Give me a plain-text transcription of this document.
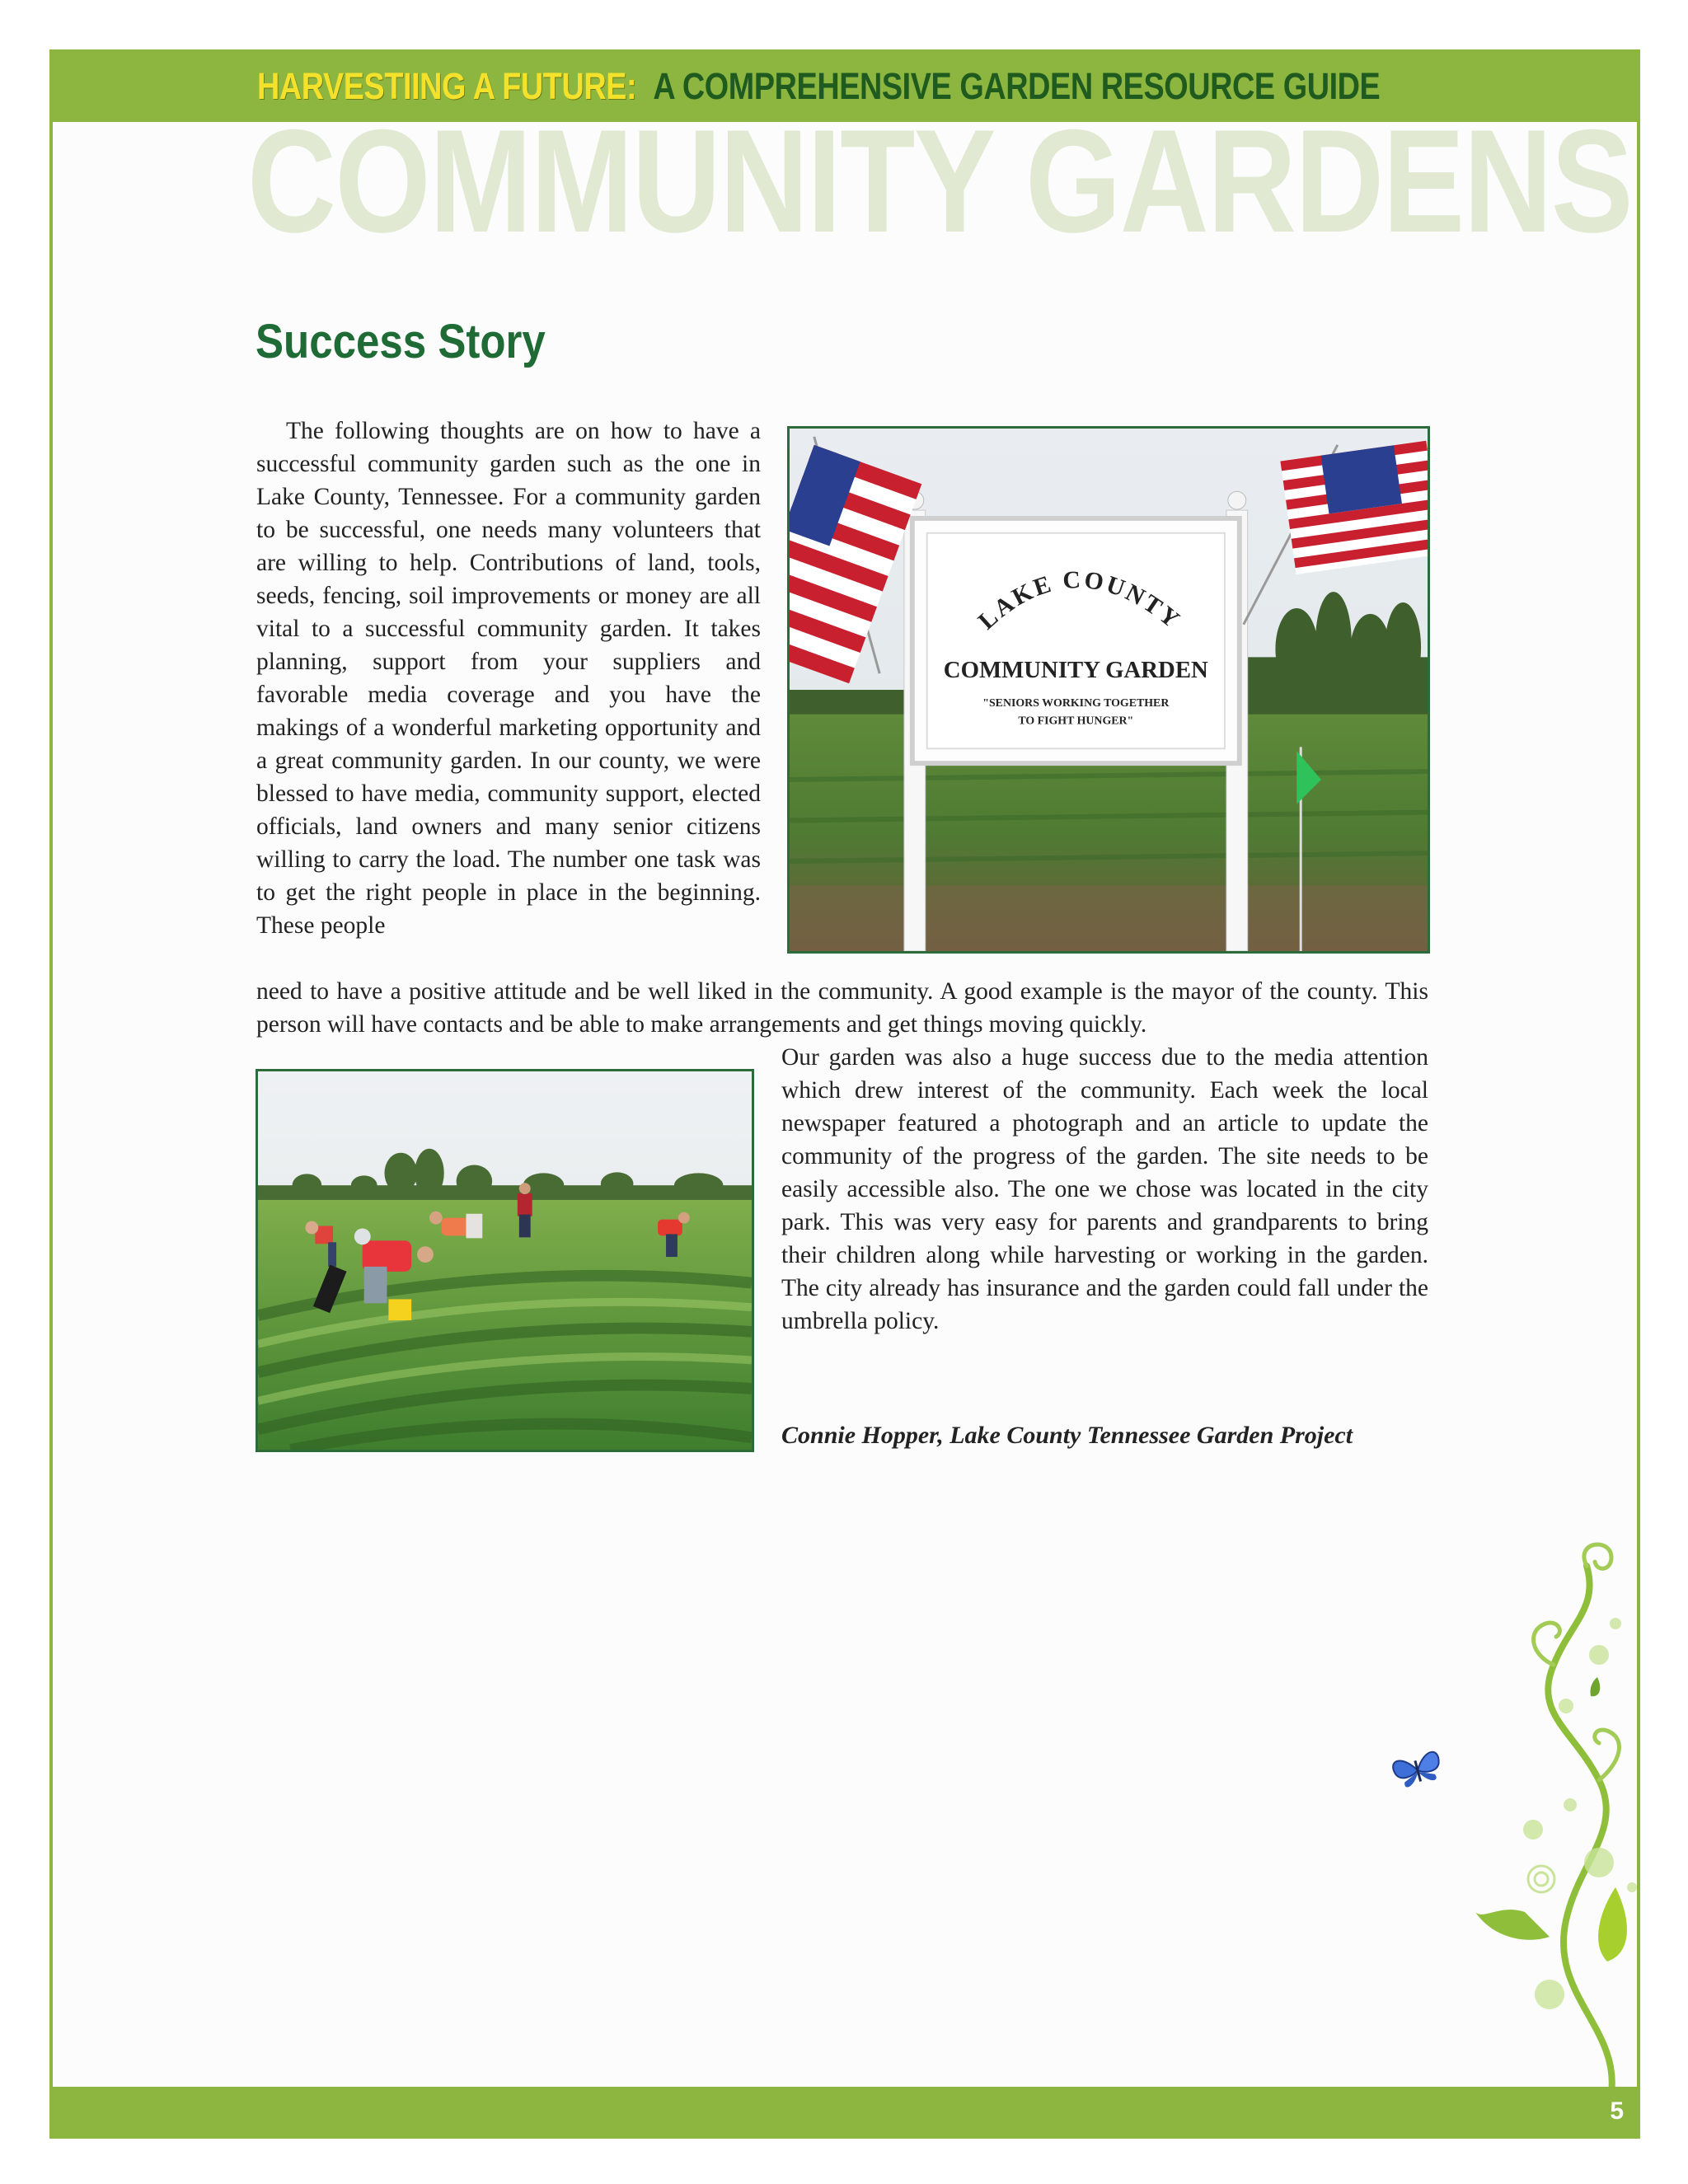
HARVESTIING A FUTURE: A COMPREHENSIVE GARDEN RESOURCE GUIDE
COMMUNITY GARDENS
Success Story

The following thoughts are on how to have a successful community garden such as the one in Lake County, Tennessee. For a community garden to be successful, one needs many volunteers that are willing to help. Contributions of land, tools, seeds, fencing, soil improvements or money are all vital to a successful community garden. It takes planning, support from your suppliers and favorable media coverage and you have the makings of a wonderful marketing opportunity and a great community garden. In our county, we were blessed to have media, community support, elected officials, land owners and many senior citizens willing to carry the load. The number one task was to get the right people in place in the beginning. These people

LAKE COUNTY
COMMUNITY GARDEN
"SENIORS WORKING TOGETHER
TO FIGHT HUNGER"

need to have a positive attitude and be well liked in the community. A good example is the mayor of the county. This person will have contacts and be able to make arrangements and get things moving quickly.

Our garden was also a huge success due to the media attention which drew interest of the community. Each week the local newspaper featured a photograph and an article to update the community of the progress of the garden. The site needs to be easily accessible also. The one we chose was located in the city park. This was very easy for parents and grandparents to bring their children along while harvesting or working in the garden. The city already has insurance and the garden could fall under the umbrella policy.

Connie Hopper, Lake County Tennessee Garden Project

5
